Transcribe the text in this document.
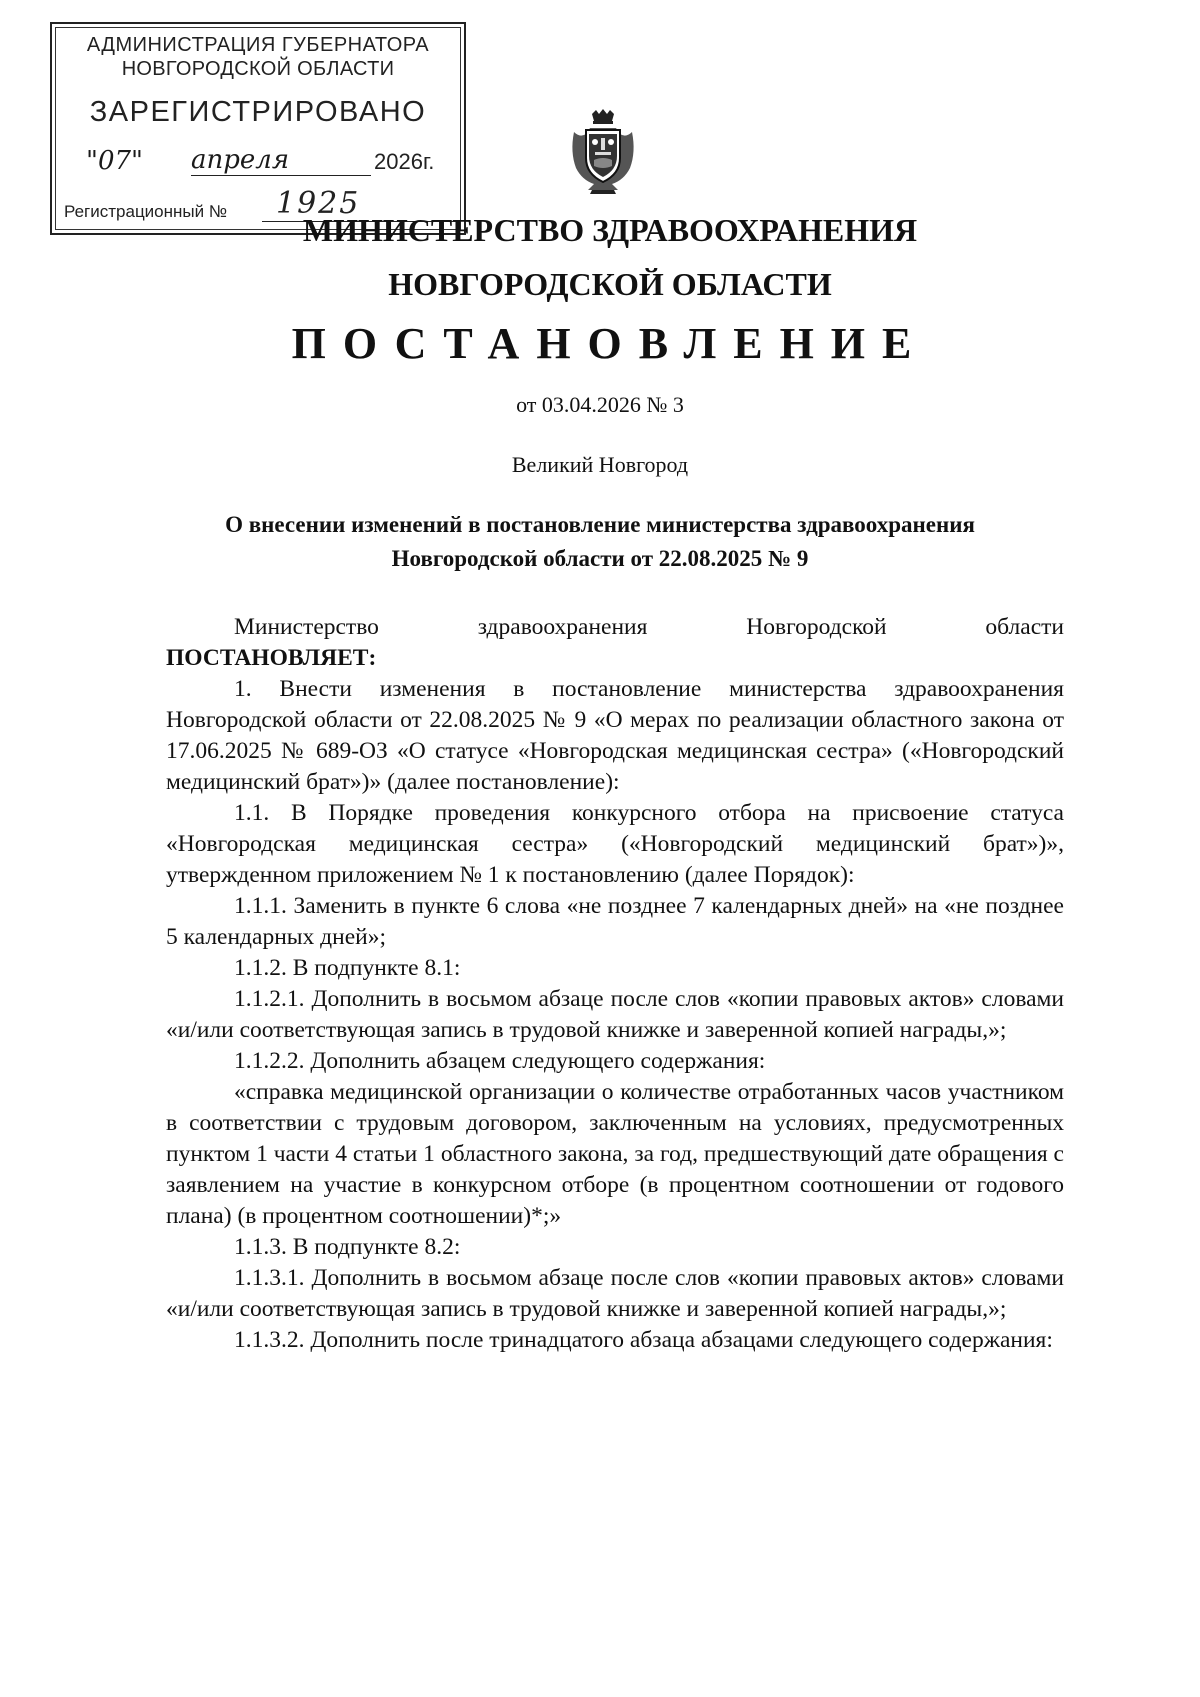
АДМИНИСТРАЦИЯ ГУБЕРНАТОРА
НОВГОРОДСКОЙ ОБЛАСТИ
ЗАРЕГИСТРИРОВАНО
"07" апреля	2026г.
Регистрационный № 1925
МИНИСТЕРСТВО ЗДРАВООХРАНЕНИЯ
НОВГОРОДСКОЙ ОБЛАСТИ
ПОСТАНОВЛЕНИЕ
от 03.04.2026 № 3
Великий Новгород
О внесении изменений в постановление министерства здравоохранения
Новгородской области от 22.08.2025 № 9

Министерство здравоохранения Новгородской области

ПОСТАНОВЛЯЕТ:

1. Внести изменения в постановление министерства здравоохранения Новгородской области от 22.08.2025 № 9 «О мерах по реализации областного закона от 17.06.2025 № 689-ОЗ «О статусе «Новгородская медицинская сестра» («Новгородский медицинский брат»)» (далее постановление):

1.1. В Порядке проведения конкурсного отбора на присвоение статуса «Новгородская медицинская сестра» («Новгородский медицинский брат»)», утвержденном приложением № 1 к постановлению (далее Порядок):

1.1.1. Заменить в пункте 6 слова «не позднее 7 календарных дней» на «не позднее 5 календарных дней»;

1.1.2. В подпункте 8.1:

1.1.2.1. Дополнить в восьмом абзаце после слов «копии правовых актов» словами «и/или соответствующая запись в трудовой книжке и заверенной копией награды,»;

1.1.2.2. Дополнить абзацем следующего содержания:

«справка медицинской организации о количестве отработанных часов участником в соответствии с трудовым договором, заключенным на условиях, предусмотренных пунктом 1 части 4 статьи 1 областного закона, за год, предшествующий дате обращения с заявлением на участие в конкурсном отборе (в процентном соотношении от годового плана) (в процентном соотношении)*;»

1.1.3. В подпункте 8.2:

1.1.3.1. Дополнить в восьмом абзаце после слов «копии правовых актов» словами «и/или соответствующая запись в трудовой книжке и заверенной копией награды,»;

1.1.3.2. Дополнить после тринадцатого абзаца абзацами следующего содержания:
